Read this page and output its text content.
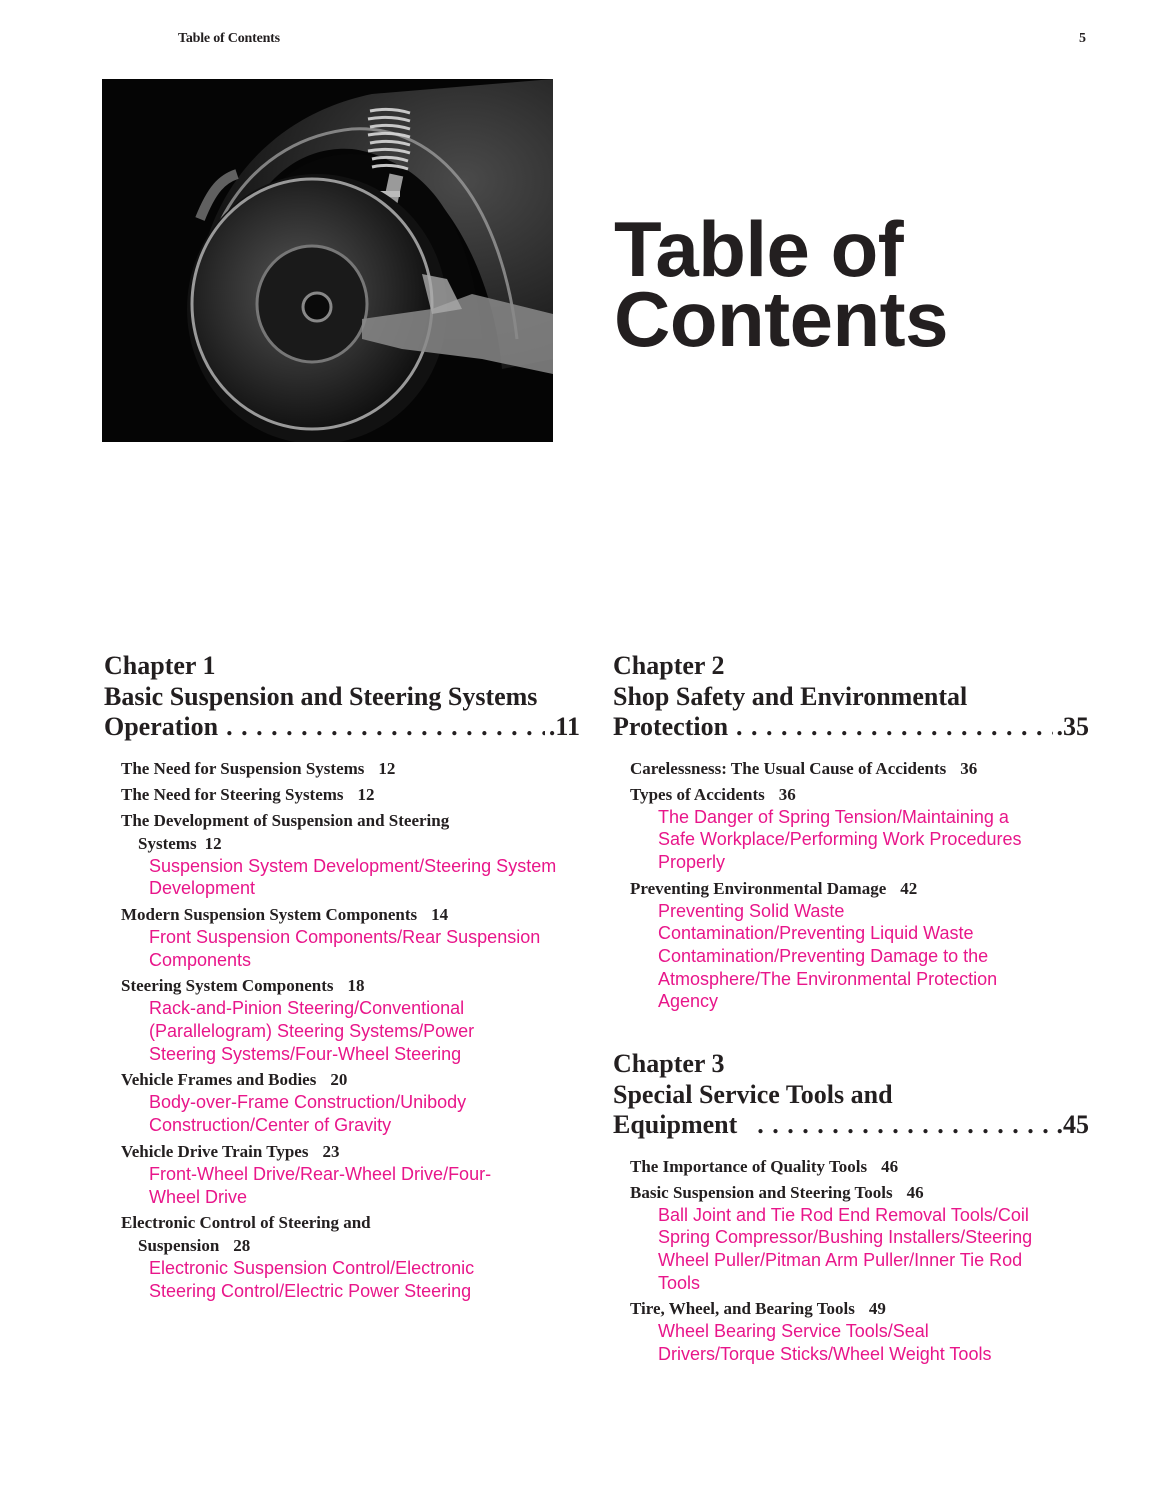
Table of Contents	5
Table of
Contents
Chapter 1
Basic Suspension and Steering Systems
Operation . . .	.11
The Need for Suspension Systems 12
The Need for Steering Systems 12
The Development of Suspension and Steering
Systems 12
Suspension System Development/Steering System Development
Modern Suspension System Components 14
Front Suspension Components/Rear Suspension Components
Steering System Components 18
Rack-and-Pinion Steering/Conventional (Parallelogram) Steering Systems/Power Steering Systems/Four-Wheel Steering
Vehicle Frames and Bodies 20
Body-over-Frame Construction/Unibody Construction/Center of Gravity
Vehicle Drive Train Types 23
Front-Wheel Drive/Rear-Wheel Drive/Four-Wheel Drive
Electronic Control of Steering and
Suspension 28
Electronic Suspension Control/Electronic Steering Control/Electric Power Steering
Chapter 2
Shop Safety and Environmental
Protection . . .	.35
Carelessness: The Usual Cause of Accidents 36
Types of Accidents 36
The Danger of Spring Tension/Maintaining a Safe Workplace/Performing Work Procedures Properly
Preventing Environmental Damage 42
Preventing Solid Waste Contamination/Preventing Liquid Waste Contamination/Preventing Damage to the Atmosphere/The Environmental Protection Agency
Chapter 3
Special Service Tools and
Equipment . . .	.45
The Importance of Quality Tools 46
Basic Suspension and Steering Tools 46
Ball Joint and Tie Rod End Removal Tools/Coil Spring Compressor/Bushing Installers/Steering Wheel Puller/Pitman Arm Puller/Inner Tie Rod Tools
Tire, Wheel, and Bearing Tools 49
Wheel Bearing Service Tools/Seal Drivers/Torque Sticks/Wheel Weight Tools
